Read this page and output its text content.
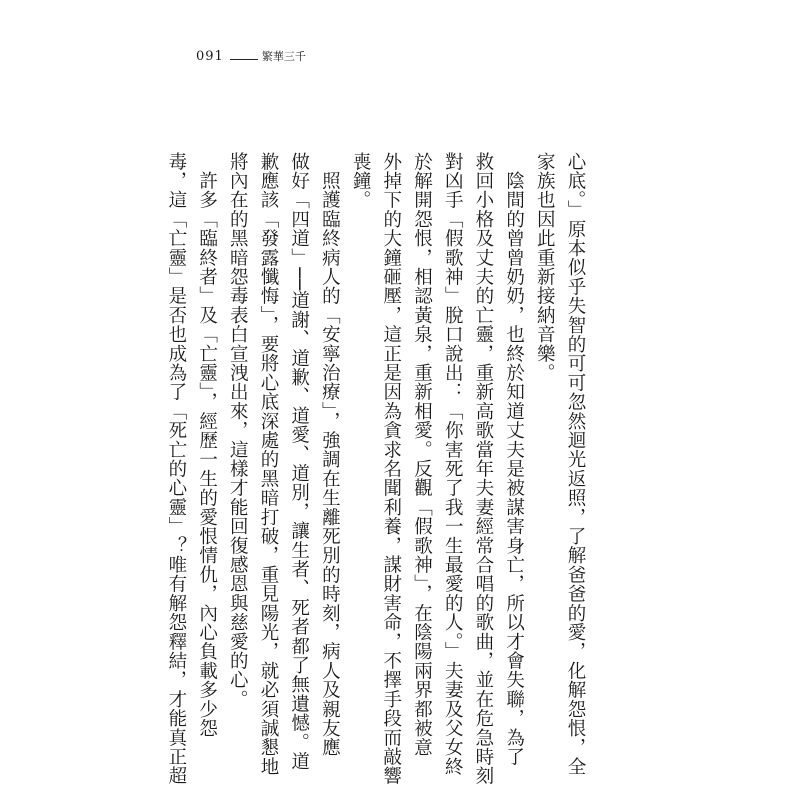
091	繁華三千
心底。」原本似乎失智的可可忽然迴光返照，了解爸爸的愛，化解怨恨，全
家族也因此重新接納音樂。
　陰間的曾曾奶奶，也終於知道丈夫是被謀害身亡，所以才會失聯，為了
救回小格及丈夫的亡靈，重新高歌當年夫妻經常合唱的歌曲，並在危急時刻
對凶手「假歌神」脫口說出：「你害死了我一生最愛的人。」夫妻及父女終
於解開怨恨，相認黃泉，重新相愛。反觀「假歌神」，在陰陽兩界都被意
外掉下的大鐘砸壓，這正是因為貪求名聞利養，謀財害命，不擇手段而敲響
喪鐘。
　照護臨終病人的「安寧治療」，強調在生離死別的時刻，病人及親友應
做好「四道」──道謝、道歉、道愛、道別，讓生者、死者都了無遺憾。道
歉應該「發露懺悔」，要將心底深處的黑暗打破，重見陽光，就必須誠懇地
將內在的黑暗怨毒表白宣洩出來，這樣才能回復感恩與慈愛的心。
　許多「臨終者」及「亡靈」，經歷一生的愛恨情仇，內心負載多少怨
毒，這「亡靈」是否也成為了「死亡的心靈」？唯有解怨釋結，才能真正超
